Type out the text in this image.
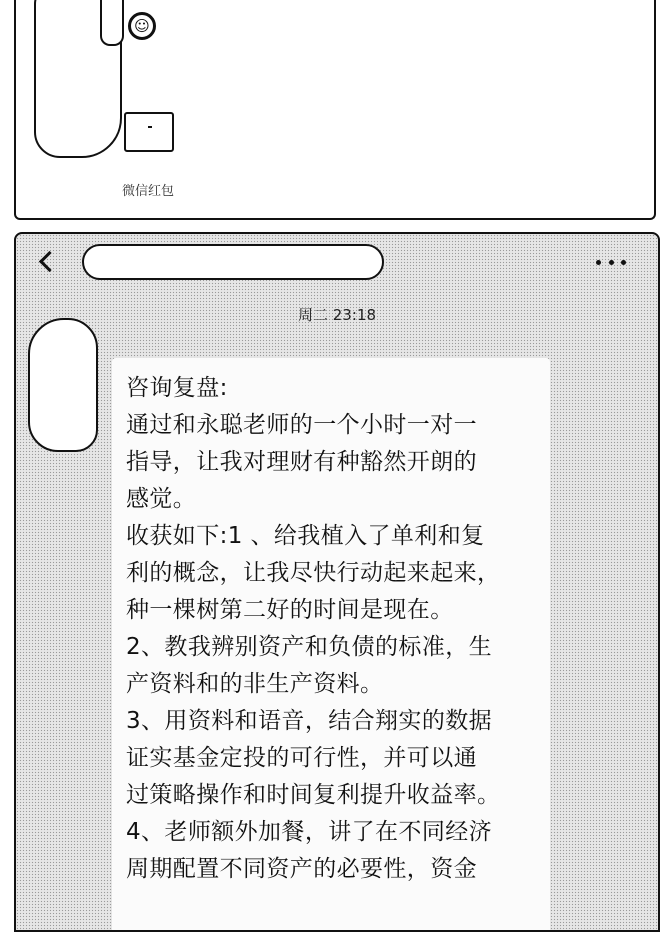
☺
微信红包
周二 23:18

咨询复盘:

通过和永聪老师的一个小时一对一

指导，让我对理财有种豁然开朗的

感觉。

收获如下:1 、给我植入了单利和复

利的概念，让我尽快行动起来起来，

种一棵树第二好的时间是现在。

2、教我辨别资产和负债的标准，生

产资料和的非生产资料。

3、用资料和语音，结合翔实的数据

证实基金定投的可行性，并可以通

过策略操作和时间复利提升收益率。

4、老师额外加餐，讲了在不同经济

周期配置不同资产的必要性，资金
